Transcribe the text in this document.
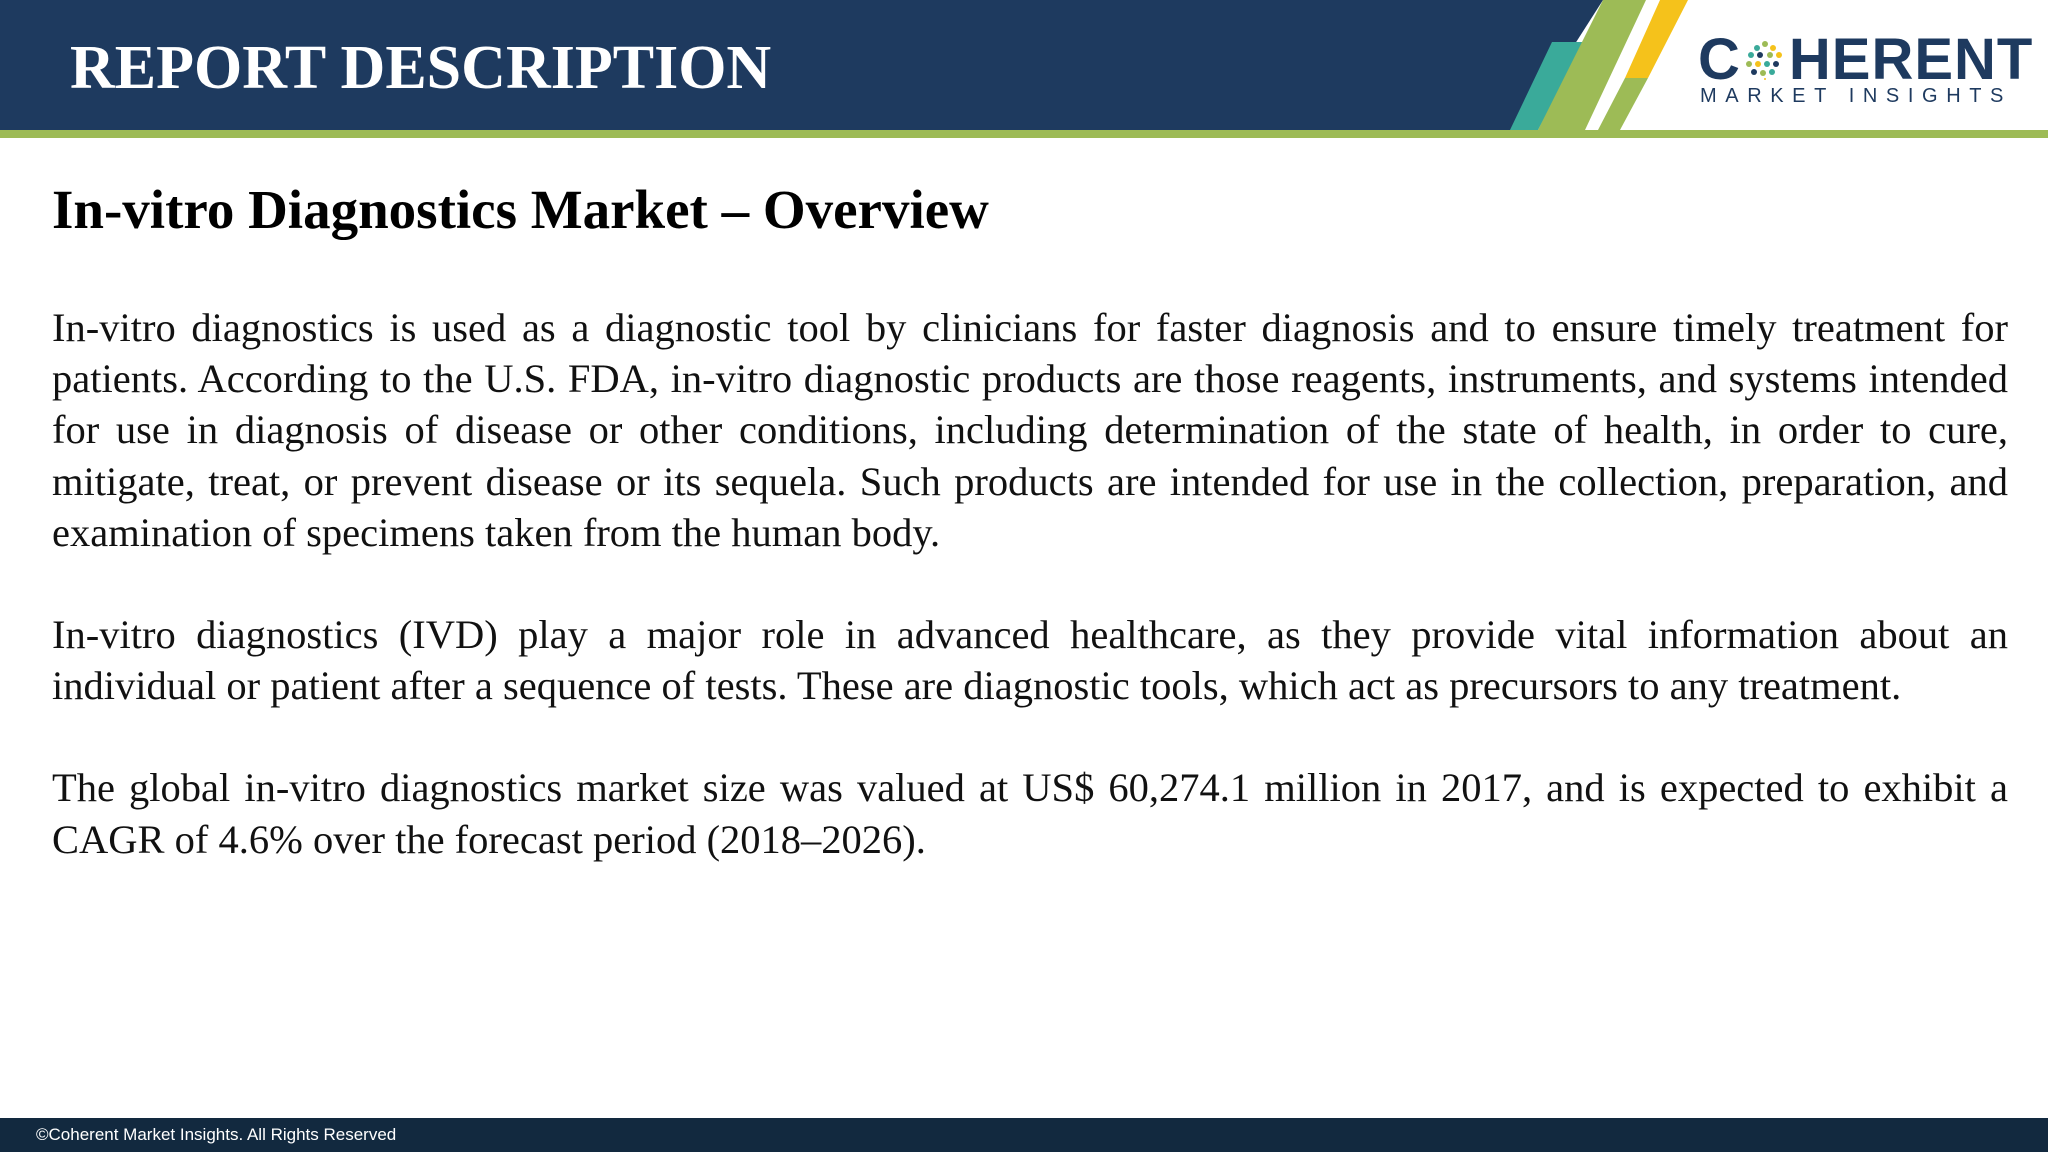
REPORT DESCRIPTION	C HERENT
MARKET INSIGHTS
In-vitro Diagnostics Market – Overview

In-vitro diagnostics is used as a diagnostic tool by clinicians for faster diagnosis and to ensure timely treatment for patients. According to the U.S. FDA, in-vitro diagnostic products are those reagents, instruments, and systems intended for use in diagnosis of disease or other conditions, including determination of the state of health, in order to cure, mitigate, treat, or prevent disease or its sequela. Such products are intended for use in the collection, preparation, and examination of specimens taken from the human body.

In-vitro diagnostics (IVD) play a major role in advanced healthcare, as they provide vital information about an individual or patient after a sequence of tests. These are diagnostic tools, which act as precursors to any treatment.

The global in-vitro diagnostics market size was valued at US$ 60,274.1 million in 2017, and is expected to exhibit a CAGR of 4.6% over the forecast period (2018–2026).

©Coherent Market Insights. All Rights Reserved
